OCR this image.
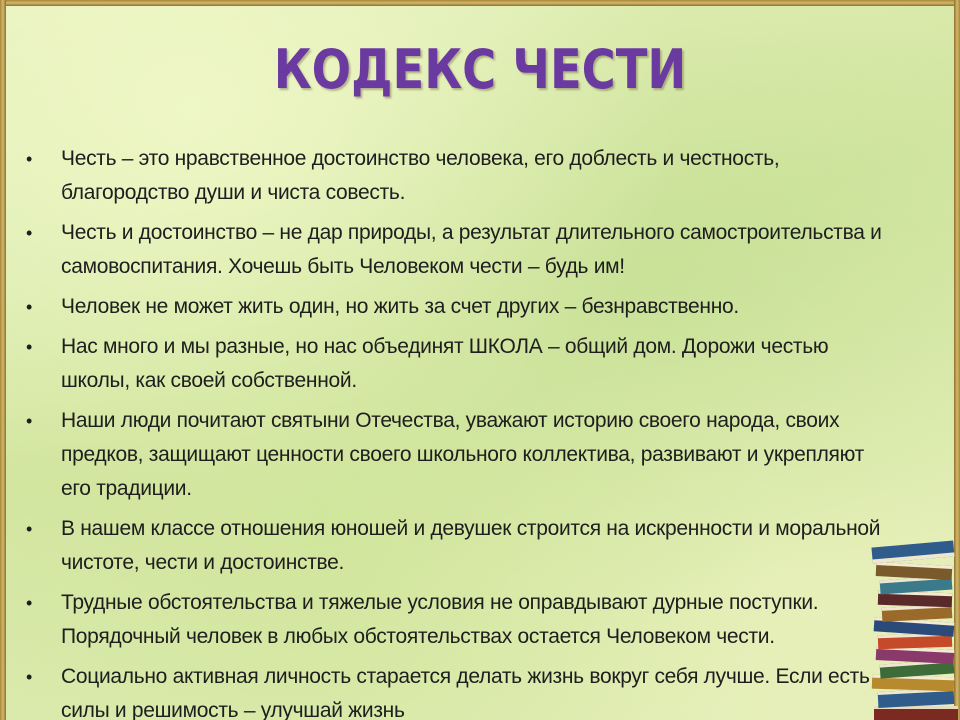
КОДЕКС ЧЕСТИ
• Честь – это нравственное достоинство человека, его доблесть и честность, благородство души и чиста совесть.
• Честь и достоинство – не дар природы, а результат длительного самостроительства и самовоспитания. Хочешь быть Человеком чести – будь им!
• Человек не может жить один, но жить за счет других – безнравственно.
• Нас много и мы разные, но нас объединят ШКОЛА – общий дом. Дорожи честью школы, как своей собственной.
• Наши люди почитают святыни Отечества, уважают историю своего народа, своих предков, защищают ценности своего школьного коллектива, развивают и укрепляют его традиции.
• В нашем классе отношения юношей и девушек строится на искренности и моральной чистоте, чести и достоинстве.
• Трудные обстоятельства и тяжелые условия не оправдывают дурные поступки. Порядочный человек в любых обстоятельствах остается Человеком чести.
• Социально активная личность старается делать жизнь вокруг себя лучше. Если есть силы и решимость – улучшай жизнь
